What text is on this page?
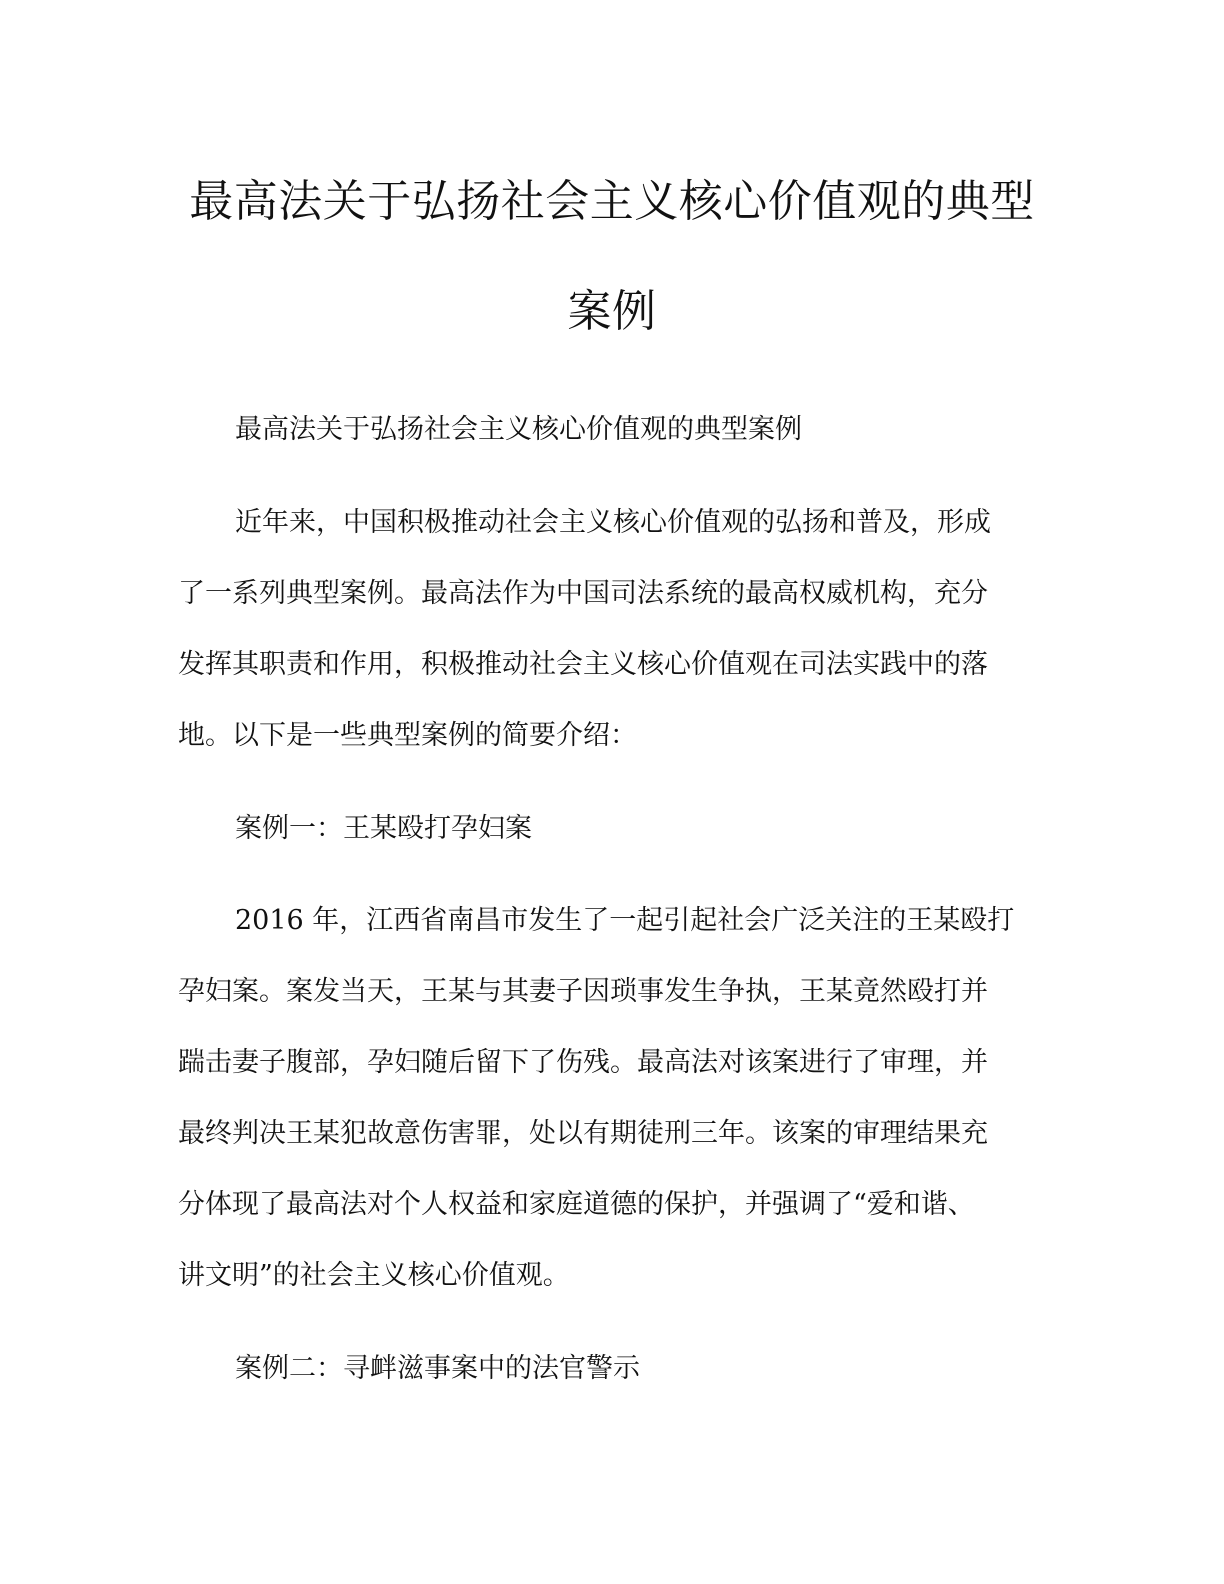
最高法关于弘扬社会主义核心价值观的典型
案例
最高法关于弘扬社会主义核心价值观的典型案例
近年来，中国积极推动社会主义核心价值观的弘扬和普及，形成
了一系列典型案例。最高法作为中国司法系统的最高权威机构，充分
发挥其职责和作用，积极推动社会主义核心价值观在司法实践中的落
地。以下是一些典型案例的简要介绍：
案例一：王某殴打孕妇案
2016 年，江西省南昌市发生了一起引起社会广泛关注的王某殴打
孕妇案。案发当天，王某与其妻子因琐事发生争执，王某竟然殴打并
踹击妻子腹部，孕妇随后留下了伤残。最高法对该案进行了审理，并
最终判决王某犯故意伤害罪，处以有期徒刑三年。该案的审理结果充
分体现了最高法对个人权益和家庭道德的保护，并强调了“爱和谐、
讲文明”的社会主义核心价值观。
案例二：寻衅滋事案中的法官警示
